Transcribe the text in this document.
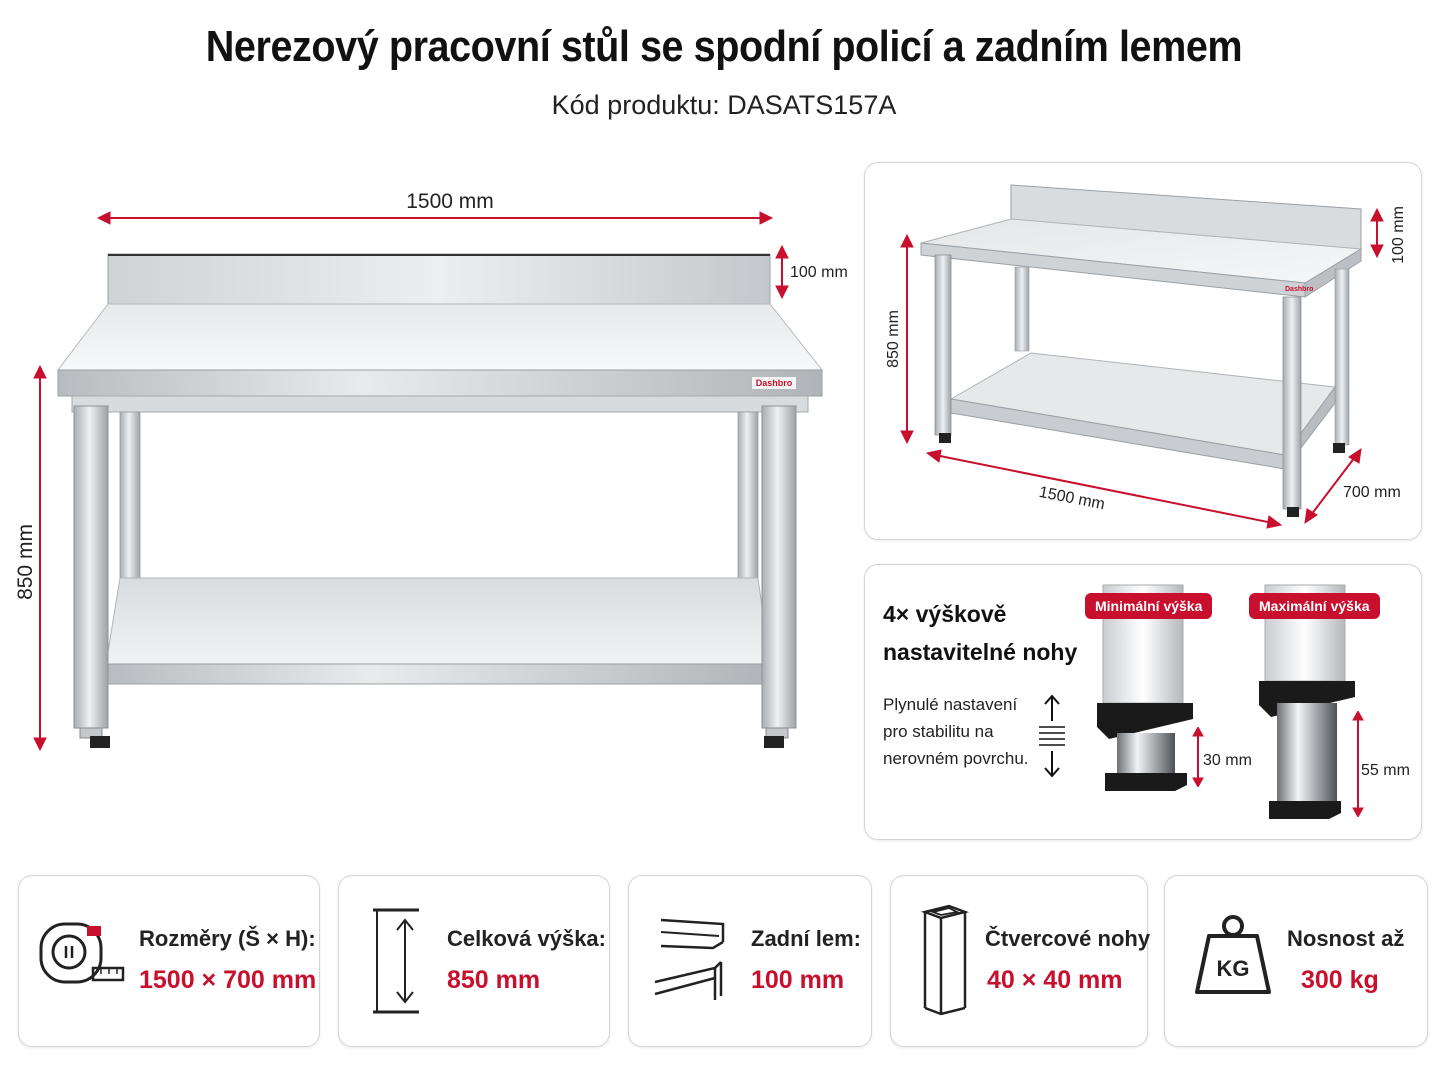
Nerezový pracovní stůl se spodní policí a zadním lemem
Kód produktu: DASATS157A
1500 mm
100 mm
850 mm
Dashbro
850 mm
Dashbro
100 mm
1500 mm	700 mm
4× výškově
nastavitelné nohy
Plynulé nastavení
pro stabilitu na
nerovném povrchu.
Minimální výška
30 mm
Maximální výška
55 mm
Rozměry (Š × H):
1500 × 700 mm
Celková výška:
850 mm
Zadní lem:
100 mm
Čtvercové nohy
40 × 40 mm	KG
Nosnost až
300 kg
